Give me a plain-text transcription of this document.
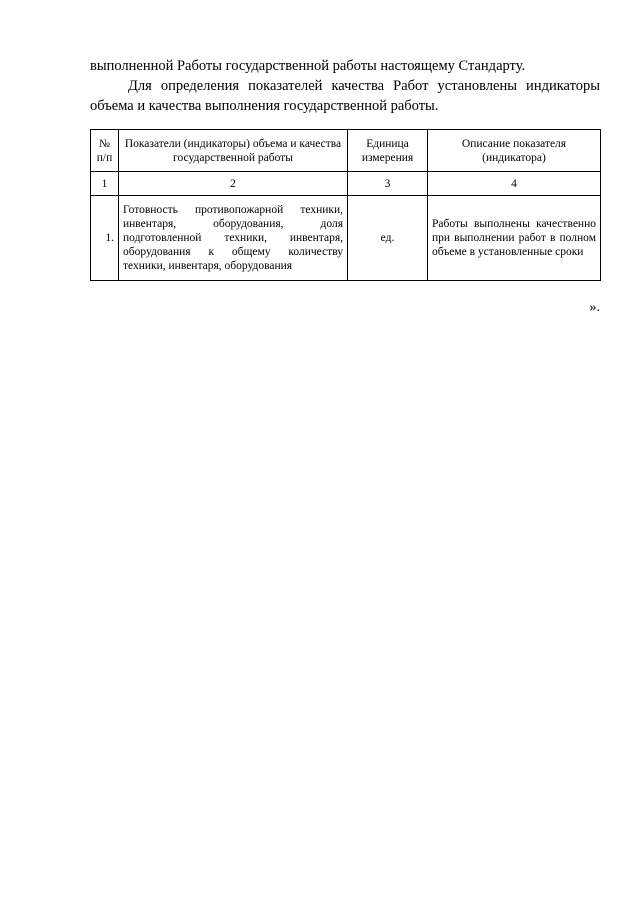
выполненной Работы государственной работы настоящему Стандарту.

Для определения показателей качества Работ установлены индикаторы объема и качества выполнения государственной работы.

№ п/п	Показатели (индикаторы) объема и качества государственной работы	Единица измерения	Описание показателя (индикатора)
1	2	3	4
1.	Готовность противопожарной техники, инвентаря, оборудования, доля подготовленной техники, инвентаря, оборудования к общему количеству техники, инвентаря, оборудования	ед.	Работы выполнены качественно при выполнении работ в полном объеме в установленные сроки
».
